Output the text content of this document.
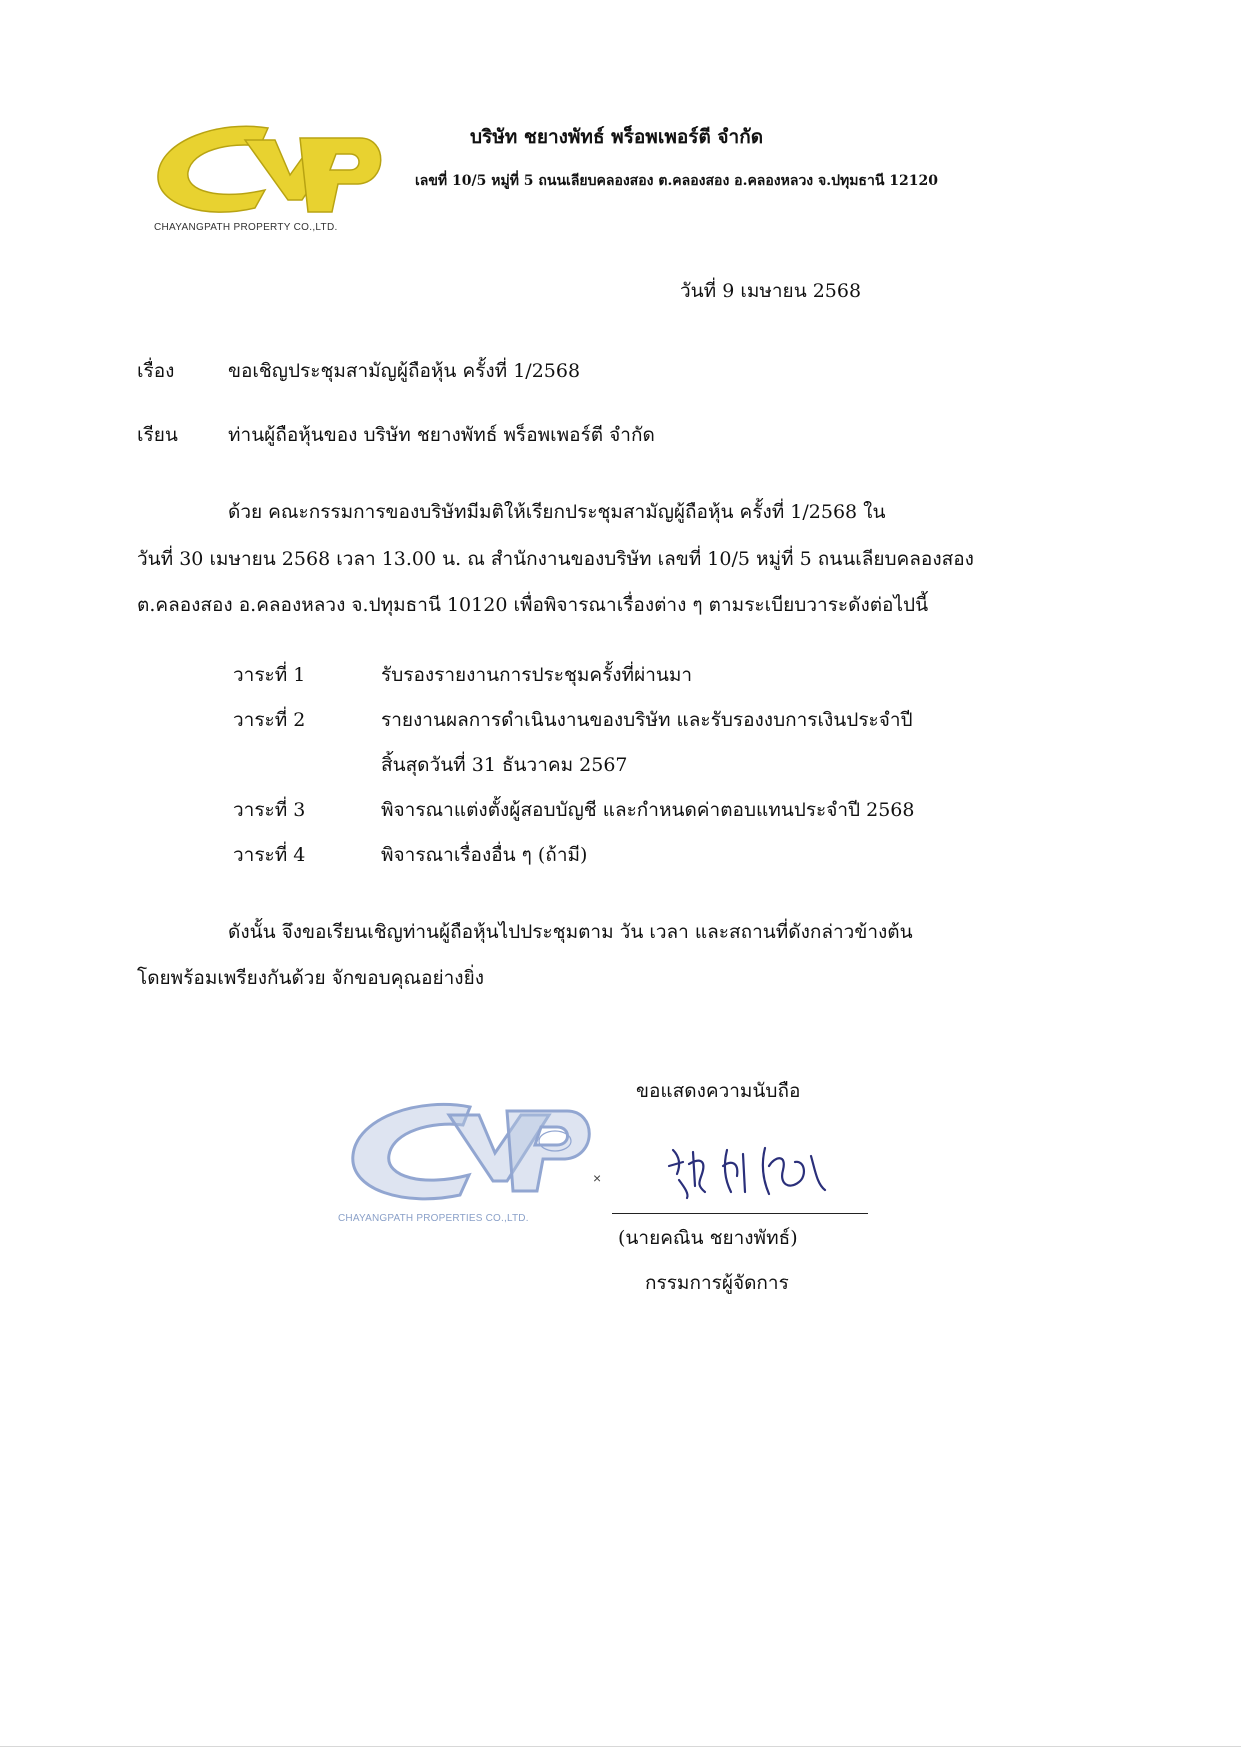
CHAYANGPATH PROPERTY CO.,LTD.
บริษัท ชยางพัทธ์ พร็อพเพอร์ตี จำกัด
เลขที่ 10/5 หมู่ที่ 5 ถนนเลียบคลองสอง ต.คลองสอง อ.คลองหลวง จ.ปทุมธานี 12120
วันที่ 9 เมษายน 2568
เรื่อง	ขอเชิญประชุมสามัญผู้ถือหุ้น ครั้งที่ 1/2568
เรียน	ท่านผู้ถือหุ้นของ บริษัท ชยางพัทธ์ พร็อพเพอร์ตี จำกัด
ด้วย คณะกรรมการของบริษัทมีมติให้เรียกประชุมสามัญผู้ถือหุ้น ครั้งที่ 1/2568 ใน
วันที่ 30 เมษายน 2568 เวลา 13.00 น. ณ สำนักงานของบริษัท เลขที่ 10/5 หมู่ที่ 5 ถนนเลียบคลองสอง
ต.คลองสอง อ.คลองหลวง จ.ปทุมธานี 10120 เพื่อพิจารณาเรื่องต่าง ๆ ตามระเบียบวาระดังต่อไปนี้
วาระที่ 1	รับรองรายงานการประชุมครั้งที่ผ่านมา
วาระที่ 2	รายงานผลการดำเนินงานของบริษัท และรับรองงบการเงินประจำปี
สิ้นสุดวันที่ 31 ธันวาคม 2567
วาระที่ 3	พิจารณาแต่งตั้งผู้สอบบัญชี และกำหนดค่าตอบแทนประจำปี 2568
วาระที่ 4	พิจารณาเรื่องอื่น ๆ (ถ้ามี)
ดังนั้น จึงขอเรียนเชิญท่านผู้ถือหุ้นไปประชุมตาม วัน เวลา และสถานที่ดังกล่าวข้างต้น
โดยพร้อมเพรียงกันด้วย จักขอบคุณอย่างยิ่ง
ขอแสดงความนับถือ
CHAYANGPATH PROPERTIES CO.,LTD.
×
(นายคณิน ชยางพัทธ์)
กรรมการผู้จัดการ
